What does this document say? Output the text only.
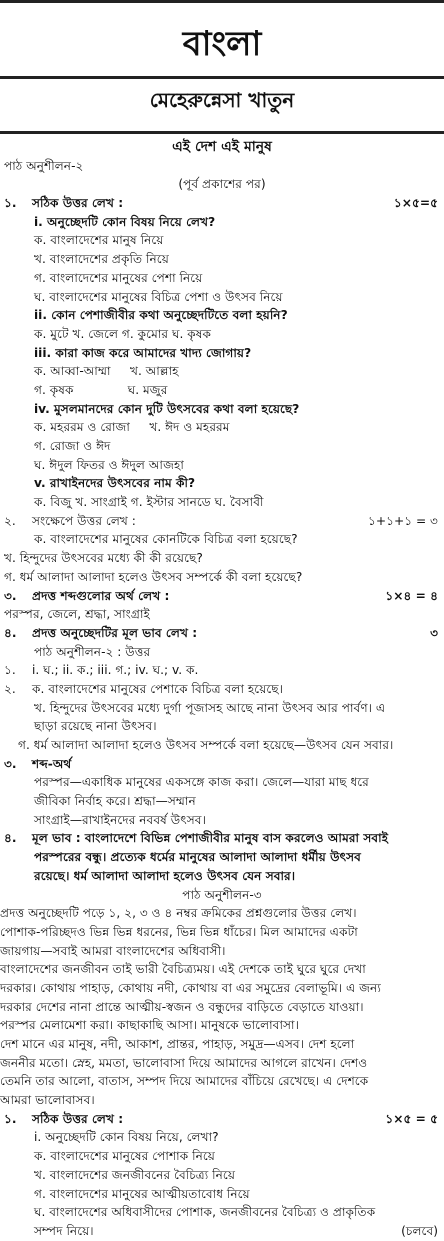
বাংলা
মেহেরুন্নেসা খাতুন
এই দেশ এই মানুষ
পাঠ অনুশীলন-২
(পূর্ব প্রকাশের পর)
১.	সঠিক উত্তর লেখ :	১×৫=৫
i. অনুচ্ছেদটি কোন বিষয় নিয়ে লেখ?
ক. বাংলাদেশের মানুষ নিয়ে
খ. বাংলাদেশের প্রকৃতি নিয়ে
গ. বাংলাদেশের মানুষের পেশা নিয়ে
ঘ. বাংলাদেশের মানুষের বিচিত্র পেশা ও উৎসব নিয়ে
ii. কোন পেশাজীবীর কথা অনুচ্ছেদটিতে বলা হয়নি?
ক. মুটে খ. জেলে গ. কুমোর ঘ. কৃষক
iii. কারা কাজ করে আমাদের খাদ্য জোগায়?
ক. আব্বা-আম্মা     খ. আল্লাহ
গ. কৃষক              ঘ. মজুর
iv. মুসলমানদের কোন দুটি উৎসবের কথা বলা হয়েছে?
ক. মহররম ও রোজা     খ. ঈদ ও মহররম
গ. রোজা ও ঈদ
ঘ. ঈদুল ফিতর ও ঈদুল আজহা
v. রাখাইনদের উৎসবের নাম কী?
ক. বিজু খ. সাংগ্রাই গ. ইস্টার সানডে ঘ. বৈসাবী
২.	সংক্ষেপে উত্তর লেখ :	১+১+১ = ৩
ক. বাংলাদেশের মানুষের কোনটিকে বিচিত্র বলা হয়েছে?
খ. হিন্দুদের উৎসবের মধ্যে কী কী রয়েছে?
গ. ধর্ম আলাদা আলাদা হলেও উৎসব সম্পর্কে কী বলা হয়েছে?
৩.	প্রদত্ত শব্দগুলোর অর্থ লেখ :	১×৪ = ৪
পরস্পর, জেলে, শ্রদ্ধা, সাংগ্রাই
৪.	প্রদত্ত অনুচ্ছেদটির মূল ভাব লেখ :	৩
পাঠ অনুশীলন-২ : উত্তর
১.	i. ঘ.; ii. ক.; iii. গ.; iv. ঘ.; v. ক.
২.	ক. বাংলাদেশের মানুষের পেশাকে বিচিত্র বলা হয়েছে।
খ. হিন্দুদের উৎসবের মধ্যে দুর্গা পূজাসহ আছে নানা উৎসব আর পার্বণ। এ
ছাড়া রয়েছে নানা উৎসব।
গ. ধর্ম আলাদা আলাদা হলেও উৎসব সম্পর্কে বলা হয়েছে—উৎসব যেন সবার।
৩.	শব্দ-অর্থ
পরস্পর—একাধিক মানুষের একসঙ্গে কাজ করা। জেলে—যারা মাছ ধরে
জীবিকা নির্বাহ করে। শ্রদ্ধা—সম্মান
সাংগ্রাই—রাখাইনদের নববর্ষ উৎসব।
৪.	মূল ভাব : বাংলাদেশে বিভিন্ন পেশাজীবীর মানুষ বাস করলেও আমরা সবাই
পরস্পরের বন্ধু। প্রত্যেক ধর্মের মানুষের আলাদা আলাদা ধর্মীয় উৎসব
রয়েছে। ধর্ম আলাদা আলাদা হলেও উৎসব যেন সবার।
পাঠ অনুশীলন-৩
প্রদত্ত অনুচ্ছেদটি পড়ে ১, ২, ৩ ও ৪ নম্বর ক্রমিকের প্রশ্নগুলোর উত্তর লেখ।
পোশাক-পরিচ্ছদও ভিন্ন ভিন্ন ধরনের, ভিন্ন ভিন্ন ধাঁচের। মিল আমাদের একটা
জায়গায়—সবাই আমরা বাংলাদেশের অধিবাসী।
বাংলাদেশের জনজীবন তাই ভারী বৈচিত্র্যময়। এই দেশকে তাই ঘুরে ঘুরে দেখা
দরকার। কোথায় পাহাড়, কোথায় নদী, কোথায় বা এর সমুদ্রের বেলাভূমি। এ জন্য
দরকার দেশের নানা প্রান্তে আত্মীয়-স্বজন ও বন্ধুদের বাড়িতে বেড়াতে যাওয়া।
পরস্পর মেলামেশা করা। কাছাকাছি আসা। মানুষকে ভালোবাসা।
দেশ মানে এর মানুষ, নদী, আকাশ, প্রান্তর, পাহাড়, সমুদ্র—এসব। দেশ হলো
জননীর মতো। স্নেহ, মমতা, ভালোবাসা দিয়ে আমাদের আগলে রাখেন। দেশও
তেমনি তার আলো, বাতাস, সম্পদ দিয়ে আমাদের বাঁচিয়ে রেখেছে। এ দেশকে
আমরা ভালোবাসব।
১.	সঠিক উত্তর লেখ :	১×৫ = ৫
i. অনুচ্ছেদটি কোন বিষয় নিয়ে, লেখা?
ক. বাংলাদেশের মানুষের পোশাক নিয়ে
খ. বাংলাদেশের জনজীবনের বৈচিত্র্য নিয়ে
গ. বাংলাদেশের মানুষের আত্মীয়তাবোধ নিয়ে
ঘ. বাংলাদেশের অধিবাসীদের পোশাক, জনজীবনের বৈচিত্র্য ও প্রাকৃতিক
সম্পদ নিয়ে।	(চলবে)
